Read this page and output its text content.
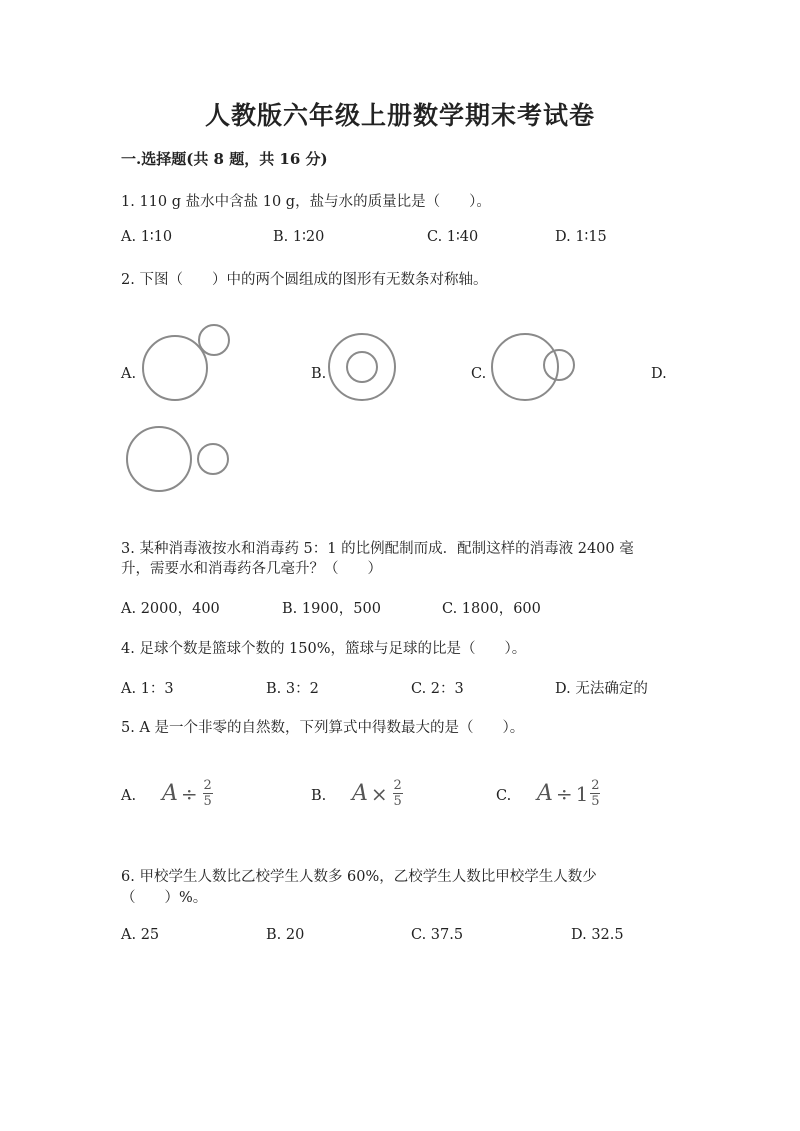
人教版六年级上册数学期末考试卷
一.选择题(共 8 题，共 16 分)
1. 110 g 盐水中含盐 10 g，盐与水的质量比是（　　）。
A. 1∶10	B. 1∶20	C. 1∶40	D. 1∶15
2. 下图（　　）中的两个圆组成的图形有无数条对称轴。
A.	B.	C.	D.
3. 某种消毒液按水和消毒药 5：1 的比例配制而成．配制这样的消毒液 2400 毫
升，需要水和消毒药各几毫升？（　　）
A. 2000，400	B. 1900，500	C. 1800，600
4. 足球个数是篮球个数的 150%，篮球与足球的比是（　　）。
A. 1：3	B. 3：2	C. 2：3	D. 无法确定的
5. A 是一个非零的自然数，下列算式中得数最大的是（　　）。
A. $A \div \frac{2}{5}$	B. $A \times \frac{2}{5}$	C. $A \div 1 \frac{2}{5}$
6. 甲校学生人数比乙校学生人数多 60%，乙校学生人数比甲校学生人数少
（　　）%。
A. 25	B. 20	C. 37.5	D. 32.5
